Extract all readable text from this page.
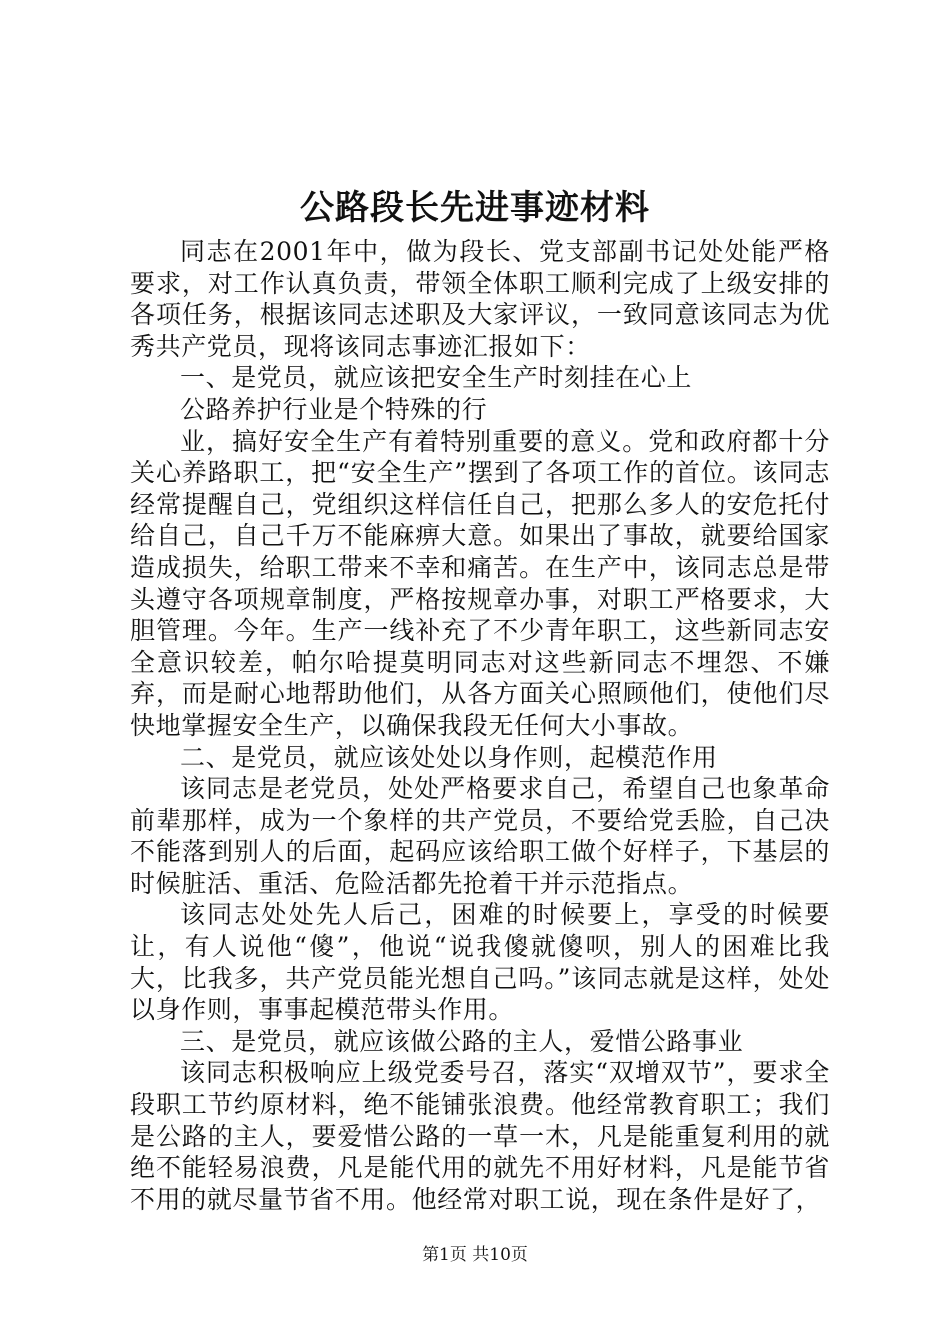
公路段长先进事迹材料

同志在2001年中，做为段长、党支部副书记处处能严格要求，对工作认真负责，带领全体职工顺利完成了上级安排的各项任务，根据该同志述职及大家评议，一致同意该同志为优秀共产党员，现将该同志事迹汇报如下：

一、是党员，就应该把安全生产时刻挂在心上

公路养护行业是个特殊的行

业，搞好安全生产有着特别重要的意义。党和政府都十分关心养路职工，把“安全生产”摆到了各项工作的首位。该同志经常提醒自己，党组织这样信任自己，把那么多人的安危托付给自己，自己千万不能麻痹大意。如果出了事故，就要给国家造成损失，给职工带来不幸和痛苦。在生产中，该同志总是带头遵守各项规章制度，严格按规章办事，对职工严格要求，大胆管理。今年。生产一线补充了不少青年职工，这些新同志安全意识较差，帕尔哈提莫明同志对这些新同志不埋怨、不嫌弃，而是耐心地帮助他们，从各方面关心照顾他们，使他们尽快地掌握安全生产，以确保我段无任何大小事故。

二、是党员，就应该处处以身作则，起模范作用

该同志是老党员，处处严格要求自己，希望自己也象革命前辈那样，成为一个象样的共产党员，不要给党丢脸，自己决不能落到别人的后面，起码应该给职工做个好样子，下基层的时候脏活、重活、危险活都先抢着干并示范指点。

该同志处处先人后己，困难的时候要上，享受的时候要让，有人说他“傻”，他说“说我傻就傻呗，别人的困难比我大，比我多，共产党员能光想自己吗。”该同志就是这样，处处以身作则，事事起模范带头作用。

三、是党员，就应该做公路的主人，爱惜公路事业

该同志积极响应上级党委号召，落实“双增双节”，要求全段职工节约原材料，绝不能铺张浪费。他经常教育职工；我们是公路的主人，要爱惜公路的一草一木，凡是能重复利用的就绝不能轻易浪费，凡是能代用的就先不用好材料，凡是能节省不用的就尽量节省不用。他经常对职工说，现在条件是好了，

第1页 共10页
